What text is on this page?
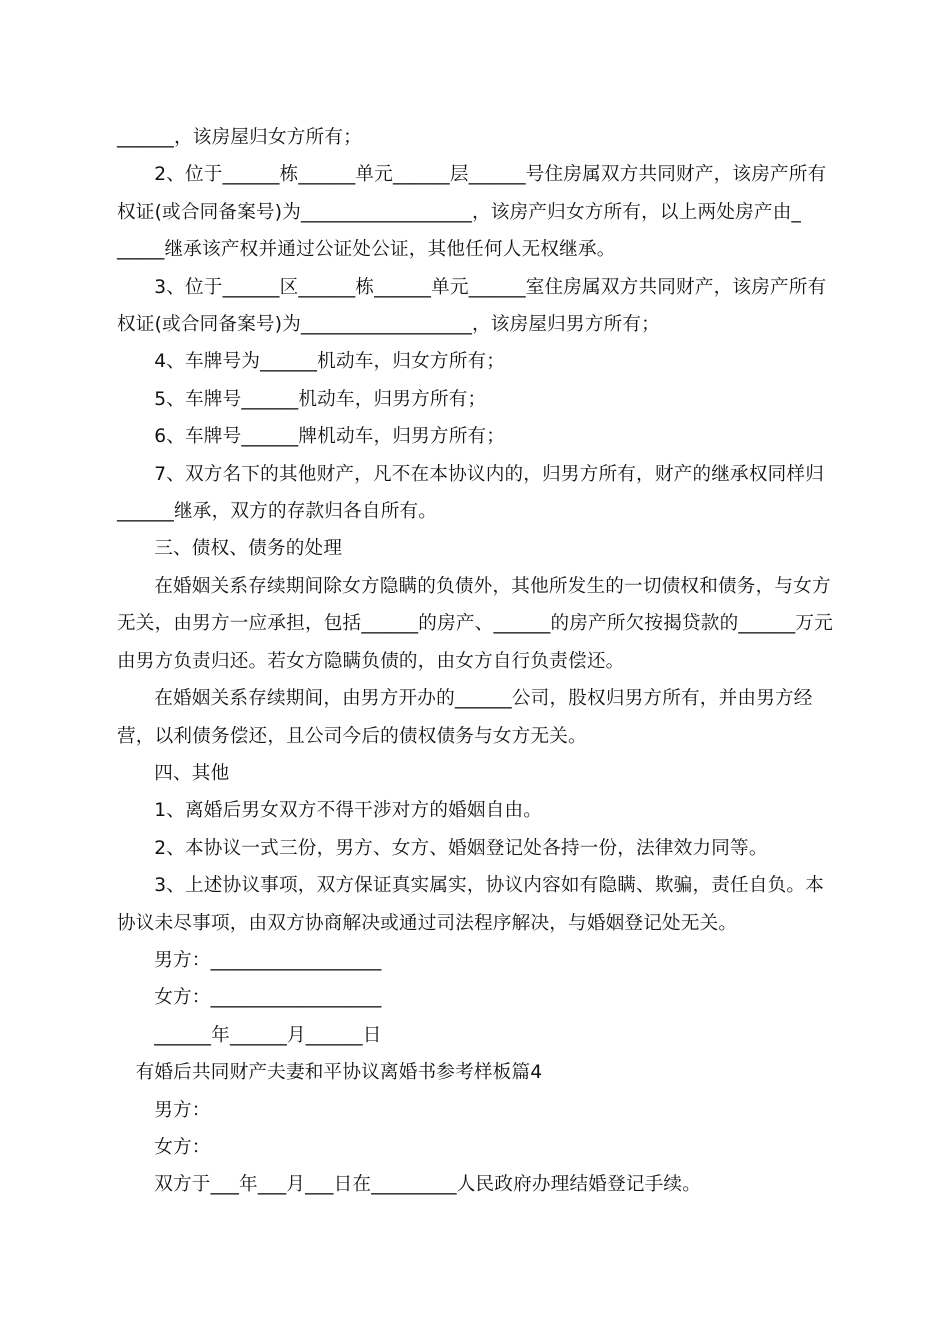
______，该房屋归女方所有；

2、位于______栋______单元______层______号住房属双方共同财产，该房产所有权证(或合同备案号)为__________________，该房产归女方所有，以上两处房产由_ _____继承该产权并通过公证处公证，其他任何人无权继承。

3、位于______区______栋______单元______室住房属双方共同财产，该房产所有权证(或合同备案号)为__________________，该房屋归男方所有；

4、车牌号为______机动车，归女方所有；

5、车牌号______机动车，归男方所有；

6、车牌号______牌机动车，归男方所有；

7、双方名下的其他财产，凡不在本协议内的，归男方所有，财产的继承权同样归______继承，双方的存款归各自所有。

三、债权、债务的处理

在婚姻关系存续期间除女方隐瞒的负债外，其他所发生的一切债权和债务，与女方无关，由男方一应承担，包括______的房产、______的房产所欠按揭贷款的______万元由男方负责归还。若女方隐瞒负债的，由女方自行负责偿还。

在婚姻关系存续期间，由男方开办的______公司，股权归男方所有，并由男方经营，以利债务偿还，且公司今后的债权债务与女方无关。

四、其他

1、离婚后男女双方不得干涉对方的婚姻自由。

2、本协议一式三份，男方、女方、婚姻登记处各持一份，法律效力同等。

3、上述协议事项，双方保证真实属实，协议内容如有隐瞒、欺骗，责任自负。本协议未尽事项，由双方协商解决或通过司法程序解决，与婚姻登记处无关。

男方：__________________

女方：__________________

______年______月______日

有婚后共同财产夫妻和平协议离婚书参考样板篇4

男方：

女方：

双方于___年___月___日在_________人民政府办理结婚登记手续。
